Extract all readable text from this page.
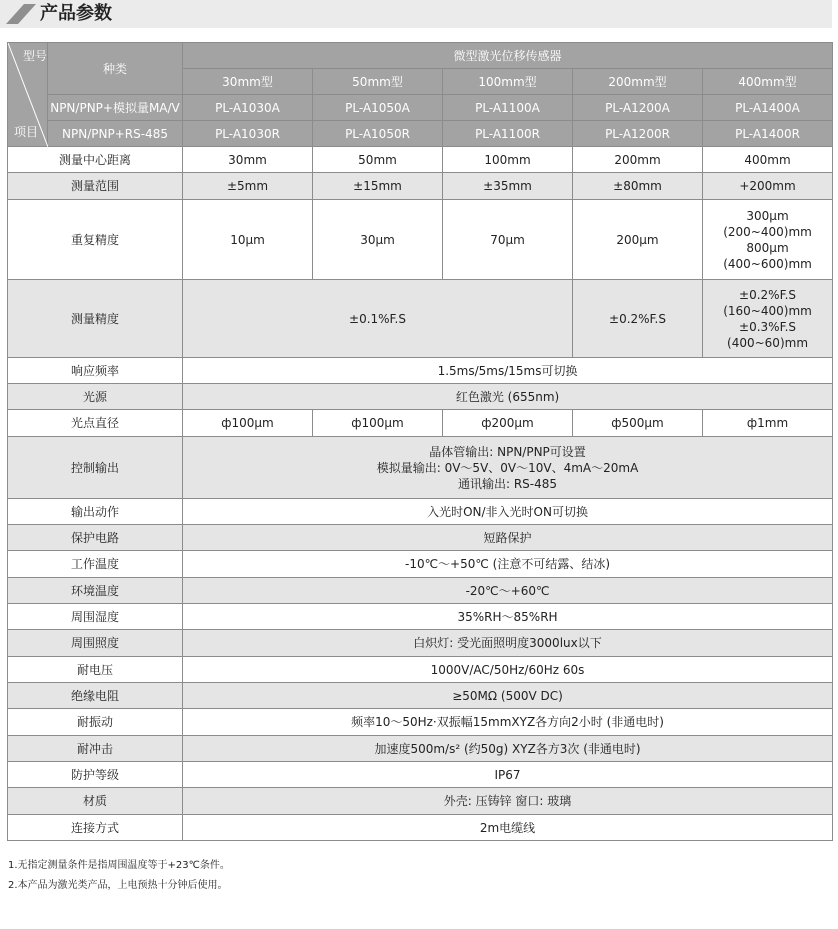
产品参数
型号
项目	种类	微型激光位移传感器				
		30mm型	50mm型	100mm型	200mm型	400mm型
	NPN/PNP+模拟量MA/V	PL-A1030A	PL-A1050A	PL-A1100A	PL-A1200A	PL-A1400A
	NPN/PNP+RS-485	PL-A1030R	PL-A1050R	PL-A1100R	PL-A1200R	PL-A1400R
测量中心距离		30mm	50mm	100mm	200mm	400mm
测量范围		±5mm	±15mm	±35mm	±80mm	+200mm
重复精度		10μm	30μm	70μm	200μm	300μm
(200~400)mm
800μm
(400~600)mm

测量精度		±0.1%F.S			±0.2%F.S	±0.2%F.S
(160~400)mm
±0.3%F.S
(400~60)mm

响应频率		1.5ms/5ms/15ms可切换				
光源		红色激光 (655nm)				
光点直径		ф100μm	ф100μm	ф200μm	ф500μm	ф1mm
控制输出		晶体管输出: NPN/PNP可设置
模拟量输出: 0V～5V、0V～10V、4mA～20mA
通讯输出: RS-485				

输出动作		入光时ON/非入光时ON可切换				
保护电路		短路保护				
工作温度		-10℃～+50℃ (注意不可结露、结冰)				
环境温度		-20℃～+60℃				
周围湿度		35%RH～85%RH				
周围照度		白炽灯: 受光面照明度3000lux以下				
耐电压		1000V/AC/50Hz/60Hz 60s				
绝缘电阻		≥50MΩ (500V DC)				
耐振动		频率10～50Hz·双振幅15mmXYZ各方向2小时 (非通电时)				
耐冲击		加速度500m/s² (约50g) XYZ各方3次 (非通电时)				
防护等级		IP67				
材质		外壳: 压铸锌 窗口: 玻璃				
连接方式		2m电缆线				
1.无指定测量条件是指周围温度等于+23℃条件。
2.本产品为激光类产品，上电预热十分钟后使用。
